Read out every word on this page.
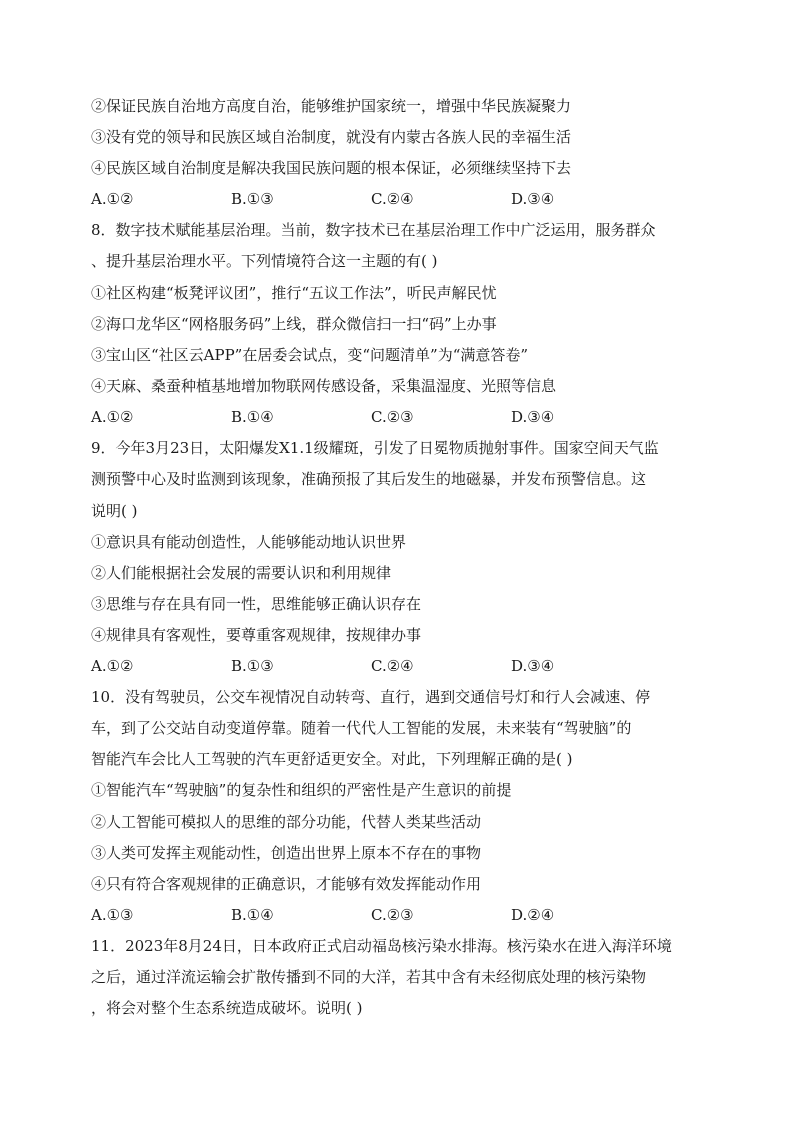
②保证民族自治地方高度自治，能够维护国家统一，增强中华民族凝聚力
③没有党的领导和民族区域自治制度，就没有内蒙古各族人民的幸福生活
④民族区域自治制度是解决我国民族问题的根本保证，必须继续坚持下去
A.①②	B.①③	C.②④	D.③④
8．数字技术赋能基层治理。当前，数字技术已在基层治理工作中广泛运用，服务群众
、提升基层治理水平。下列情境符合这一主题的有( )
①社区构建“板凳评议团”，推行“五议工作法”，听民声解民忧
②海口龙华区“网格服务码”上线，群众微信扫一扫“码”上办事
③宝山区“社区云APP”在居委会试点，变“问题清单”为“满意答卷”
④天麻、桑蚕种植基地增加物联网传感设备，采集温湿度、光照等信息
A.①②	B.①④	C.②③	D.③④
9．今年3月23日，太阳爆发X1.1级耀斑，引发了日冕物质抛射事件。国家空间天气监
测预警中心及时监测到该现象，准确预报了其后发生的地磁暴，并发布预警信息。这
说明( )
①意识具有能动创造性，人能够能动地认识世界
②人们能根据社会发展的需要认识和利用规律
③思维与存在具有同一性，思维能够正确认识存在
④规律具有客观性，要尊重客观规律，按规律办事
A.①②	B.①③	C.②④	D.③④
10．没有驾驶员，公交车视情况自动转弯、直行，遇到交通信号灯和行人会减速、停
车，到了公交站自动变道停靠。随着一代代人工智能的发展，未来装有“驾驶脑”的
智能汽车会比人工驾驶的汽车更舒适更安全。对此，下列理解正确的是( )
①智能汽车“驾驶脑”的复杂性和组织的严密性是产生意识的前提
②人工智能可模拟人的思维的部分功能，代替人类某些活动
③人类可发挥主观能动性，创造出世界上原本不存在的事物
④只有符合客观规律的正确意识，才能够有效发挥能动作用
A.①③	B.①④	C.②③	D.②④
11．2023年8月24日，日本政府正式启动福岛核污染水排海。核污染水在进入海洋环境
之后，通过洋流运输会扩散传播到不同的大洋，若其中含有未经彻底处理的核污染物
，将会对整个生态系统造成破坏。说明( )
